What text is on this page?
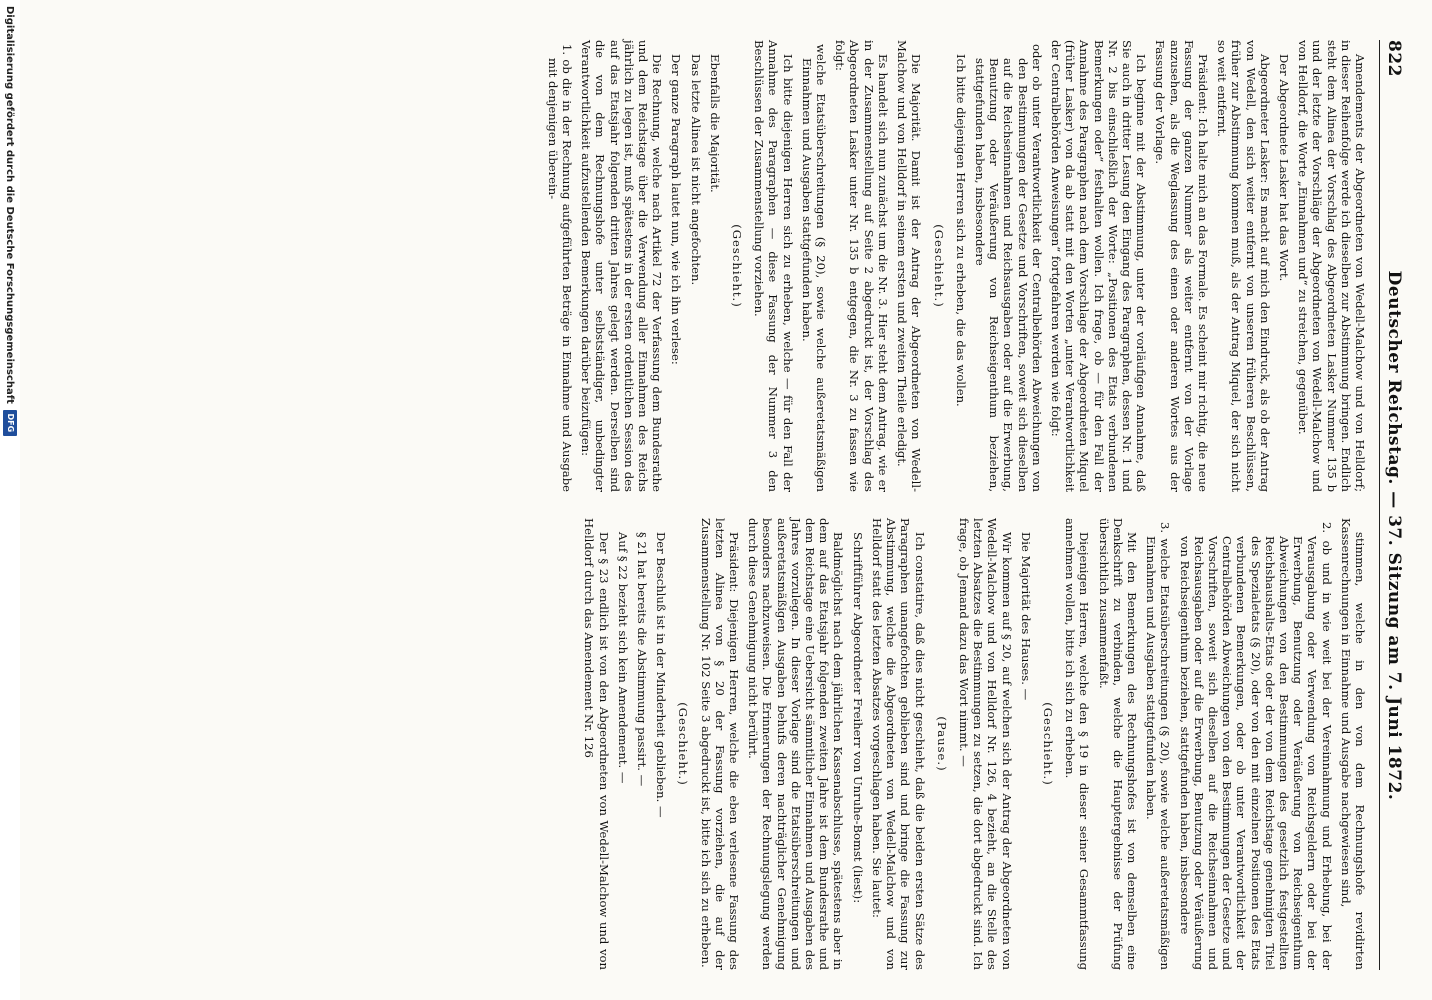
822
Deutscher Reichstag. — 37. Sitzung am 7. Juni 1872.

Amendements der Abgeordneten von Wedell-Malchow und von Helldorf; in dieser Reihenfolge werde ich dieselben zur Abstimmung bringen. Endlich steht dem Alinea der Vorschlag des Abgeordneten Lasker Nummer 135 b und der letzte der Vorschläge der Abgeordneten von Wedell-Malchow und von Helldorf, die Worte „Einnahmen und“ zu streichen, gegenüber.

Der Abgeordnete Lasker hat das Wort.

Abgeordneter Lasker: Es macht auf mich den Eindruck, als ob der Antrag von Wedell, den sich weiter entfernt von unseren früheren Beschlüssen, früher zur Abstimmung kommen muß, als der Antrag Miquel, der sich nicht so weit entfernt.

Präsident: Ich halte mich an das Formale. Es scheint mir richtig, die neue Fassung der ganzen Nummer als weiter entfernt von der Vorlage anzusehen, als die Weglassung des einen oder anderen Wortes aus der Fassung der Vorlage.

Ich beginne mit der Abstimmung, unter der vorläufigen Annahme, daß Sie auch in dritter Lesung den Eingang des Paragraphen, dessen Nr. 1 und Nr. 2 bis einschließlich der Worte: „Positionen des Etats verbundenen Bemerkungen oder“ festhalten wollen. Ich frage, ob — für den Fall der Annahme des Paragraphen nach dem Vorschlage der Abgeordneten Miquel (früher Lasker) von da ab statt mit den Worten „unter Verantwortlichkeit der Centralbehörden Anweisungen“ fortgefahren werden wie folgt:

oder ob unter Verantwortlichkeit der Centralbehörden Abweichungen von den Bestimmungen der Gesetze und Vorschriften, soweit sich dieselben auf die Reichseinnahmen und Reichsausgaben oder auf die Erwerbung, Benutzung oder Veräußerung von Reichseigenthum beziehen, stattgefunden haben, insbesondere

Ich bitte diejenigen Herren sich zu erheben, die das wollen.

(Geschieht.)

Die Majorität. Damit ist der Antrag der Abgeordneten von Wedell-Malchow und von Helldorf in seinem ersten und zweiten Theile erledigt.

Es handelt sich nun zunächst um die Nr. 3. Hier steht dem Antrag, wie er in der Zusammenstellung auf Seite 2 abgedruckt ist, der Vorschlag des Abgeordneten Lasker unter Nr. 135 b entgegen, die Nr. 3 zu fassen wie folgt:

welche Etatsüberschreitungen (§ 20), sowie welche außeretatsmäßigen Einnahmen und Ausgaben stattgefunden haben.

Ich bitte diejenigen Herren sich zu erheben, welche — für den Fall der Annahme des Paragraphen — diese Fassung der Nummer 3 den Beschlüssen der Zusammenstellung vorziehen.

(Geschieht.)

Ebenfalls die Majorität.

Das letzte Alinea ist nicht angefochten.

Der ganze Paragraph lautet nun, wie ich ihn verlese:

Die Rechnung, welche nach Artikel 72 der Verfassung dem Bundesrathe und dem Reichstage über die Verwendung aller Einnahmen des Reichs jährlich zu legen ist, muß spätestens in der ersten ordentlichen Session des auf das Etatsjahr folgenden dritten Jahres gelegt werden. Derselben sind die von dem Rechnungshofe unter selbstständiger, unbedingter Verantwortlichkeit aufzustellenden Bemerkungen darüber beizufügen:

1. ob die in der Rechnung aufgeführten Beträge in Einnahme und Ausgabe mit denjenigen überein-

stimmen, welche in den von dem Rechnungshofe revidirten Kassenrechnungen in Einnahme und Ausgabe nachgewiesen sind,

2. ob und in wie weit bei der Vereinnahmung und Erhebung, bei der Verausgabung oder Verwendung von Reichsgeldern oder bei der Erwerbung, Benutzung oder Veräußerung von Reichseigenthum Abweichungen von den Bestimmungen des gesetzlich festgestellten Reichshaushalts-Etats oder der von dem Reichstage genehmigten Titel des Spezialetats (§ 20), oder von den mit einzelnen Positionen des Etats verbundenen Bemerkungen, oder ob unter Verantwortlichkeit der Centralbehörden Abweichungen von den Bestimmungen der Gesetze und Vorschriften, soweit sich dieselben auf die Reichseinnahmen und Reichsausgaben oder auf die Erwerbung, Benutzung oder Veräußerung von Reichseigenthum beziehen, stattgefunden haben, insbesondere

3. welche Etatsüberschreitungen (§ 20), sowie welche außeretatsmäßigen Einnahmen und Ausgaben stattgefunden haben.

Mit den Bemerkungen des Rechnungshofes ist von demselben eine Denkschrift zu verbinden, welche die Hauptergebnisse der Prüfung übersichtlich zusammenfaßt.

Diejenigen Herren, welche den § 19 in dieser seiner Gesammtfassung annehmen wollen, bitte ich sich zu erheben.

(Geschieht.)

Die Majorität des Hauses. —

Wir kommen auf § 20, auf welchen sich der Antrag der Abgeordneten von Wedell-Malchow und von Helldorf Nr. 126, 4 bezieht, an die Stelle des letzten Absatzes die Bestimmungen zu setzen, die dort abgedruckt sind. Ich frage, ob Jemand dazu das Wort nimmt. —

(Pause.)

Ich constatire, daß dies nicht geschieht, daß die beiden ersten Sätze des Paragraphen unangefochten geblieben sind und bringe die Fassung zur Abstimmung, welche die Abgeordneten von Wedell-Malchow und von Helldorf statt des letzten Absatzes vorgeschlagen haben. Sie lautet:

Schriftführer Abgeordneter Freiherr von Unruhe-Bomst (liest):

Baldmöglichst nach dem jährlichen Kassenabschlusse, spätestens aber in dem auf das Etatsjahr folgenden zweiten Jahre ist dem Bundesrathe und dem Reichstage eine Uebersicht sämmtlicher Einnahmen und Ausgaben des Jahres vorzulegen. In dieser Vorlage sind die Etatsüberschreitungen und außeretatsmäßigen Ausgaben behufs deren nachträglicher Genehmigung besonders nachzuweisen. Die Erinnerungen der Rechnungslegung werden durch diese Genehmigung nicht berührt.

Präsident: Diejenigen Herren, welche die eben verlesene Fassung des letzten Alinea von § 20 der Fassung vorziehen, die auf der Zusammenstellung Nr. 102 Seite 3 abgedruckt ist, bitte ich sich zu erheben.

(Geschieht.)

Der Beschluß ist in der Minderheit geblieben. —

§ 21 hat bereits die Abstimmung passirt. —

Auf § 22 bezieht sich kein Amendement. —

Der § 23 endlich ist von den Abgeordneten von Wedell-Malchow und von Helldorf durch das Amendement Nr. 126

Digitalisierung gefördert durch die Deutsche Forschungsgemeinschaft
DFG
